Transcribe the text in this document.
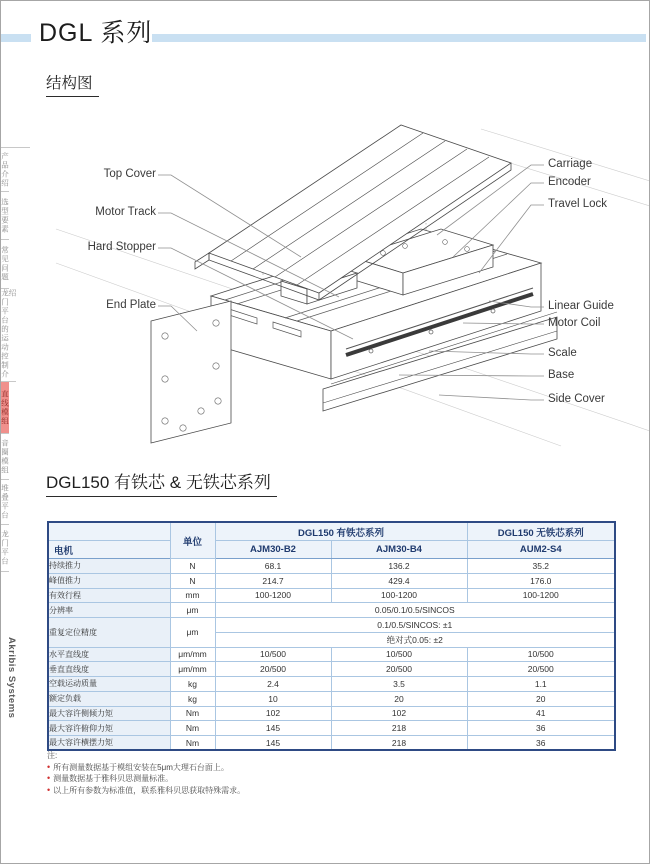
DGL 系列
结构图
产品介绍
选型要素
常见问题
龙门平台的运动控制介绍
直线模组
音圈模组
堆叠平台
龙门平台
Akribis Systems
Top Cover
Motor Track
Hard Stopper
End Plate
Carriage
Encoder
Travel Lock
Linear Guide
Motor Coil
Scale
Base
Side Cover
DGL150 有铁芯 & 无铁芯系列
	单位	DGL150 有铁芯系列		DGL150 无铁芯系列
电机		AJM30-B2	AJM30-B4	AUM2-S4
持续推力	N	68.1	136.2	35.2
峰值推力	N	214.7	429.4	176.0
有效行程	mm	100-1200	100-1200	100-1200
分辨率	μm	0.05/0.1/0.5/SINCOS		
重复定位精度	μm	0.1/0.5/SINCOS: ±1		
		绝对式0.05: ±2		
水平直线度	μm/mm	10/500	10/500	10/500
垂直直线度	μm/mm	20/500	20/500	20/500
空载运动质量	kg	2.4	3.5	1.1
额定负载	kg	10	20	20
最大容许侧倾力矩	Nm	102	102	41
最大容许俯仰力矩	Nm	145	218	36
最大容许横摆力矩	Nm	145	218	36
注:
• 所有测量数据基于模组安装在5μm大理石台面上。
• 测量数据基于雅科贝思测量标准。
• 以上所有参数为标准值，联系雅科贝思获取特殊需求。
